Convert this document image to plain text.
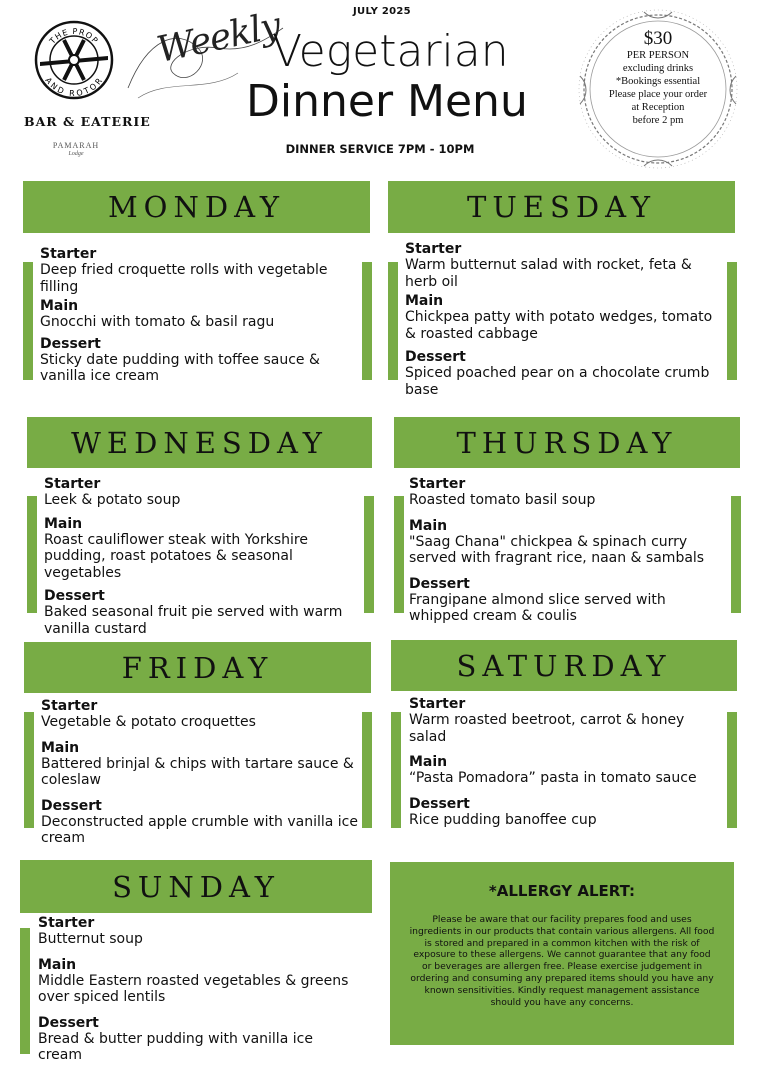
JULY 2025
THE PROP
AND ROTOR
BAR & EATERIE
PAMARAH
Lodge
Weekly
Vegetarian
Dinner Menu
DINNER SERVICE 7PM - 10PM
$30
PER PERSON
excluding drinks
*Bookings essential
Please place your order
at Reception
before 2 pm
MONDAY
Starter
Deep fried croquette rolls with vegetable filling
Main
Gnocchi with tomato & basil ragu
Dessert
Sticky date pudding with toffee sauce & vanilla ice cream
TUESDAY
Starter
Warm butternut salad with rocket, feta & herb oil
Main
Chickpea patty with potato wedges, tomato & roasted cabbage
Dessert
Spiced poached pear on a chocolate crumb base
WEDNESDAY
Starter
Leek & potato soup
Main
Roast cauliflower steak with Yorkshire pudding, roast potatoes & seasonal vegetables
Dessert
Baked seasonal fruit pie served with warm vanilla custard
THURSDAY
Starter
Roasted tomato basil soup
Main
"Saag Chana" chickpea & spinach curry served with fragrant rice, naan & sambals
Dessert
Frangipane almond slice served with whipped cream & coulis
FRIDAY
Starter
Vegetable & potato croquettes
Main
Battered brinjal & chips with tartare sauce & coleslaw
Dessert
Deconstructed apple crumble with vanilla ice cream
SATURDAY
Starter
Warm roasted beetroot, carrot & honey salad
Main
“Pasta Pomadora” pasta in tomato sauce
Dessert
Rice pudding banoffee cup
SUNDAY
Starter
Butternut soup
Main
Middle Eastern roasted vegetables & greens over spiced lentils
Dessert
Bread & butter pudding with vanilla ice cream
*ALLERGY ALERT:
Please be aware that our facility prepares food and uses ingredients in our products that contain various allergens. All food is stored and prepared in a common kitchen with the risk of exposure to these allergens. We cannot guarantee that any food or beverages are allergen free. Please exercise judgement in ordering and consuming any prepared items should you have any known sensitivities. Kindly request management assistance should you have any concerns.
